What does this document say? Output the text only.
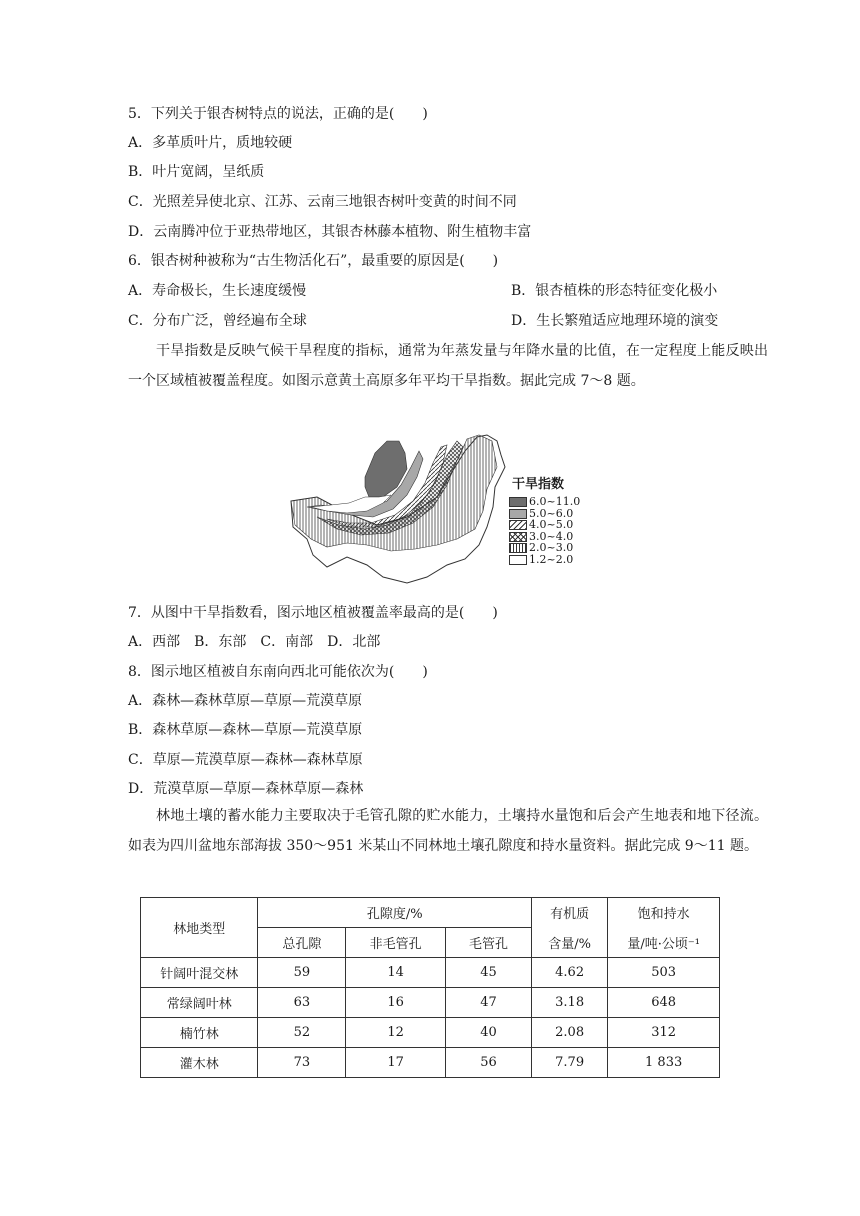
5．下列关于银杏树特点的说法，正确的是(　　)
A．多革质叶片，质地较硬
B．叶片宽阔，呈纸质
C．光照差异使北京、江苏、云南三地银杏树叶变黄的时间不同
D．云南腾冲位于亚热带地区，其银杏林藤本植物、附生植物丰富
6．银杏树种被称为“古生物活化石”，最重要的原因是(　　)
A．寿命极长，生长速度缓慢	B．银杏植株的形态特征变化极小
C．分布广泛，曾经遍布全球	D．生长繁殖适应地理环境的演变
干旱指数是反映气候干旱程度的指标，通常为年蒸发量与年降水量的比值，在一定程度上能反映出一个区域植被覆盖程度。如图示意黄土高原多年平均干旱指数。据此完成 7～8 题。
干旱指数
6.0~11.0
5.0~6.0
4.0~5.0
3.0~4.0
2.0~3.0
1.2~2.0
7．从图中干旱指数看，图示地区植被覆盖率最高的是(　　)
A．西部　B．东部　C．南部　D．北部
8．图示地区植被自东南向西北可能依次为(　　)
A．森林—森林草原—草原—荒漠草原
B．森林草原—森林—草原—荒漠草原
C．草原—荒漠草原—森林—森林草原
D．荒漠草原—草原—森林草原—森林
林地土壤的蓄水能力主要取决于毛管孔隙的贮水能力，土壤持水量饱和后会产生地表和地下径流。如表为四川盆地东部海拔 350～951 米某山不同林地土壤孔隙度和持水量资料。据此完成 9～11 题。
林地类型	孔隙度/%			有机质	饱和持水
	总孔隙	非毛管孔	毛管孔	含量/%	量/吨·公顷⁻¹
针阔叶混交林	59	14	45	4.62	503
常绿阔叶林	63	16	47	3.18	648
楠竹林	52	12	40	2.08	312
灌木林	73	17	56	7.79	1 833
